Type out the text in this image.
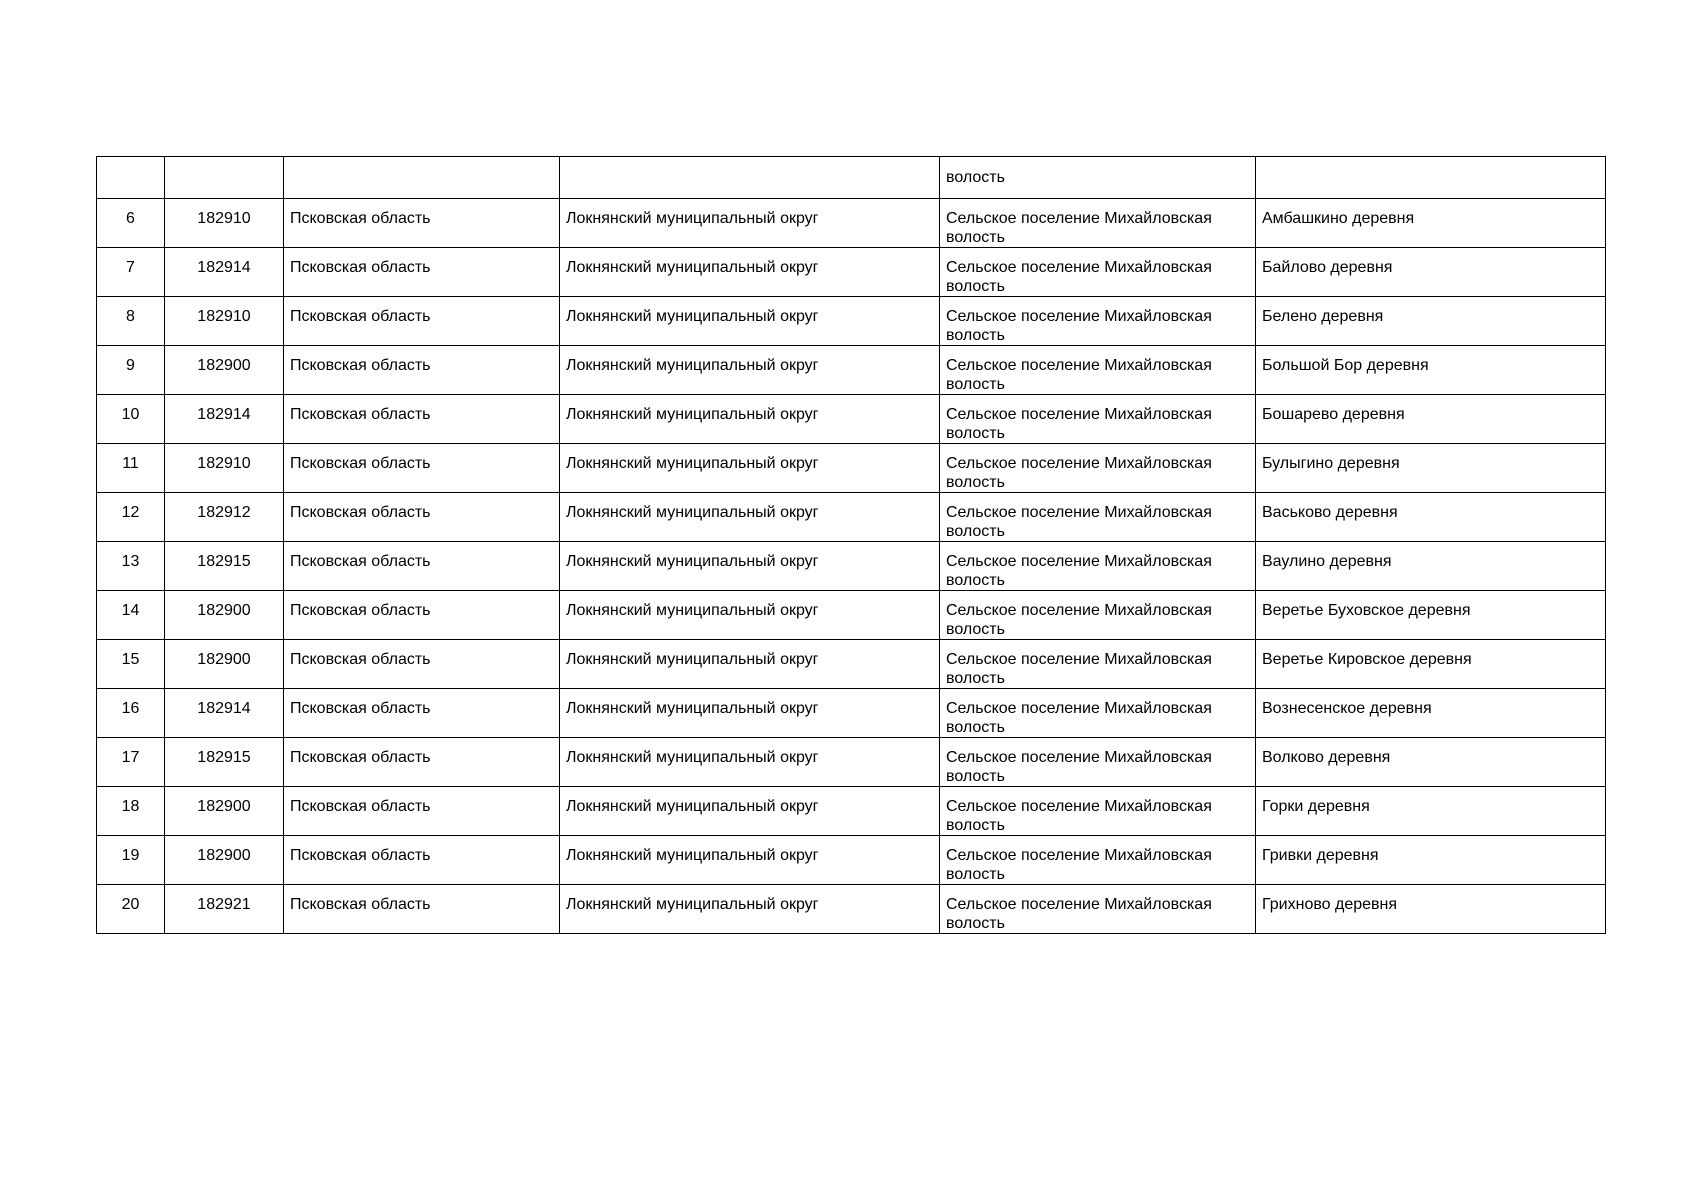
				волость	
6	182910	Псковская область	Локнянский муниципальный округ	Сельское поселение Михайловская волость	Амбашкино деревня
7	182914	Псковская область	Локнянский муниципальный округ	Сельское поселение Михайловская волость	Байлово деревня
8	182910	Псковская область	Локнянский муниципальный округ	Сельское поселение Михайловская волость	Белено деревня
9	182900	Псковская область	Локнянский муниципальный округ	Сельское поселение Михайловская волость	Большой Бор деревня
10	182914	Псковская область	Локнянский муниципальный округ	Сельское поселение Михайловская волость	Бошарево деревня
11	182910	Псковская область	Локнянский муниципальный округ	Сельское поселение Михайловская волость	Булыгино деревня
12	182912	Псковская область	Локнянский муниципальный округ	Сельское поселение Михайловская волость	Васьково деревня
13	182915	Псковская область	Локнянский муниципальный округ	Сельское поселение Михайловская волость	Ваулино деревня
14	182900	Псковская область	Локнянский муниципальный округ	Сельское поселение Михайловская волость	Веретье Буховское деревня
15	182900	Псковская область	Локнянский муниципальный округ	Сельское поселение Михайловская волость	Веретье Кировское деревня
16	182914	Псковская область	Локнянский муниципальный округ	Сельское поселение Михайловская волость	Вознесенское деревня
17	182915	Псковская область	Локнянский муниципальный округ	Сельское поселение Михайловская волость	Волково деревня
18	182900	Псковская область	Локнянский муниципальный округ	Сельское поселение Михайловская волость	Горки деревня
19	182900	Псковская область	Локнянский муниципальный округ	Сельское поселение Михайловская волость	Гривки деревня
20	182921	Псковская область	Локнянский муниципальный округ	Сельское поселение Михайловская волость	Грихново деревня
